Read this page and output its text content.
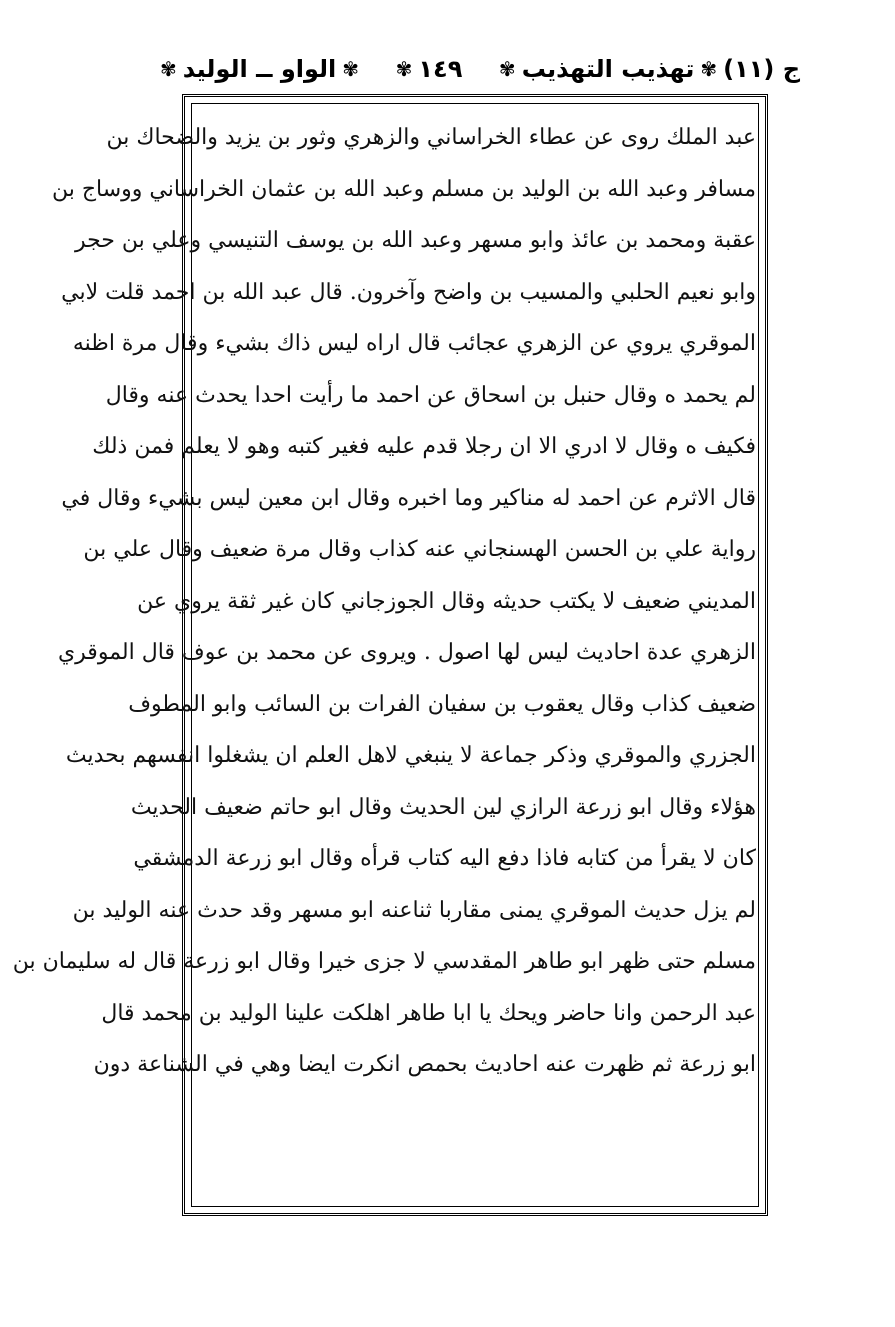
ج (١١)
✾
تهذيب التهذيب
✾
١٤٩
✾
✾
الواو ــ الوليد
✾
عبد الملك روى عن عطاء الخراساني والزهري وثور بن يزيد والضحاك بن
مسافر وعبد الله بن الوليد بن مسلم وعبد الله بن عثمان الخراساني ووساج بن
عقبة ومحمد بن عائذ وابو مسهر وعبد الله بن يوسف التنيسي وعلي بن حجر
وابو نعيم الحلبي والمسيب بن واضح وآخرون. قال عبد الله بن احمد قلت لابي
الموقري يروي عن الزهري عجائب قال اراه ليس ذاك بشيء وقال مرة اظنه
لم يحمد ه وقال حنبل بن اسحاق عن احمد ما رأيت احدا يحدث عنه وقال
فكيف ه وقال لا ادري الا ان رجلا قدم عليه فغير كتبه وهو لا يعلم فمن ذلك
قال الاثرم عن احمد له مناكير وما اخبره وقال ابن معين ليس بشيء وقال في
رواية علي بن الحسن الهسنجاني عنه كذاب وقال مرة ضعيف وقال علي بن
المديني ضعيف لا يكتب حديثه وقال الجوزجاني كان غير ثقة يروي عن
الزهري عدة احاديث ليس لها اصول . ويروى عن محمد بن عوف قال الموقري
ضعيف كذاب وقال يعقوب بن سفيان الفرات بن السائب وابو المطوف
الجزري والموقري وذكر جماعة لا ينبغي لاهل العلم ان يشغلوا انفسهم بحديث
هؤلاء وقال ابو زرعة الرازي لين الحديث وقال ابو حاتم ضعيف الحديث
كان لا يقرأ من كتابه فاذا دفع اليه كتاب قرأه وقال ابو زرعة الدمشقي
لم يزل حديث الموقري يمنى مقاربا ثناعنه ابو مسهر وقد حدث عنه الوليد بن
مسلم حتى ظهر ابو طاهر المقدسي لا جزى خيرا وقال ابو زرعة قال له سليمان بن
عبد الرحمن وانا حاضر ويحك يا ابا طاهر اهلكت علينا الوليد بن محمد قال
ابو زرعة ثم ظهرت عنه احاديث بحمص انكرت ايضا وهي في الشناعة دون
